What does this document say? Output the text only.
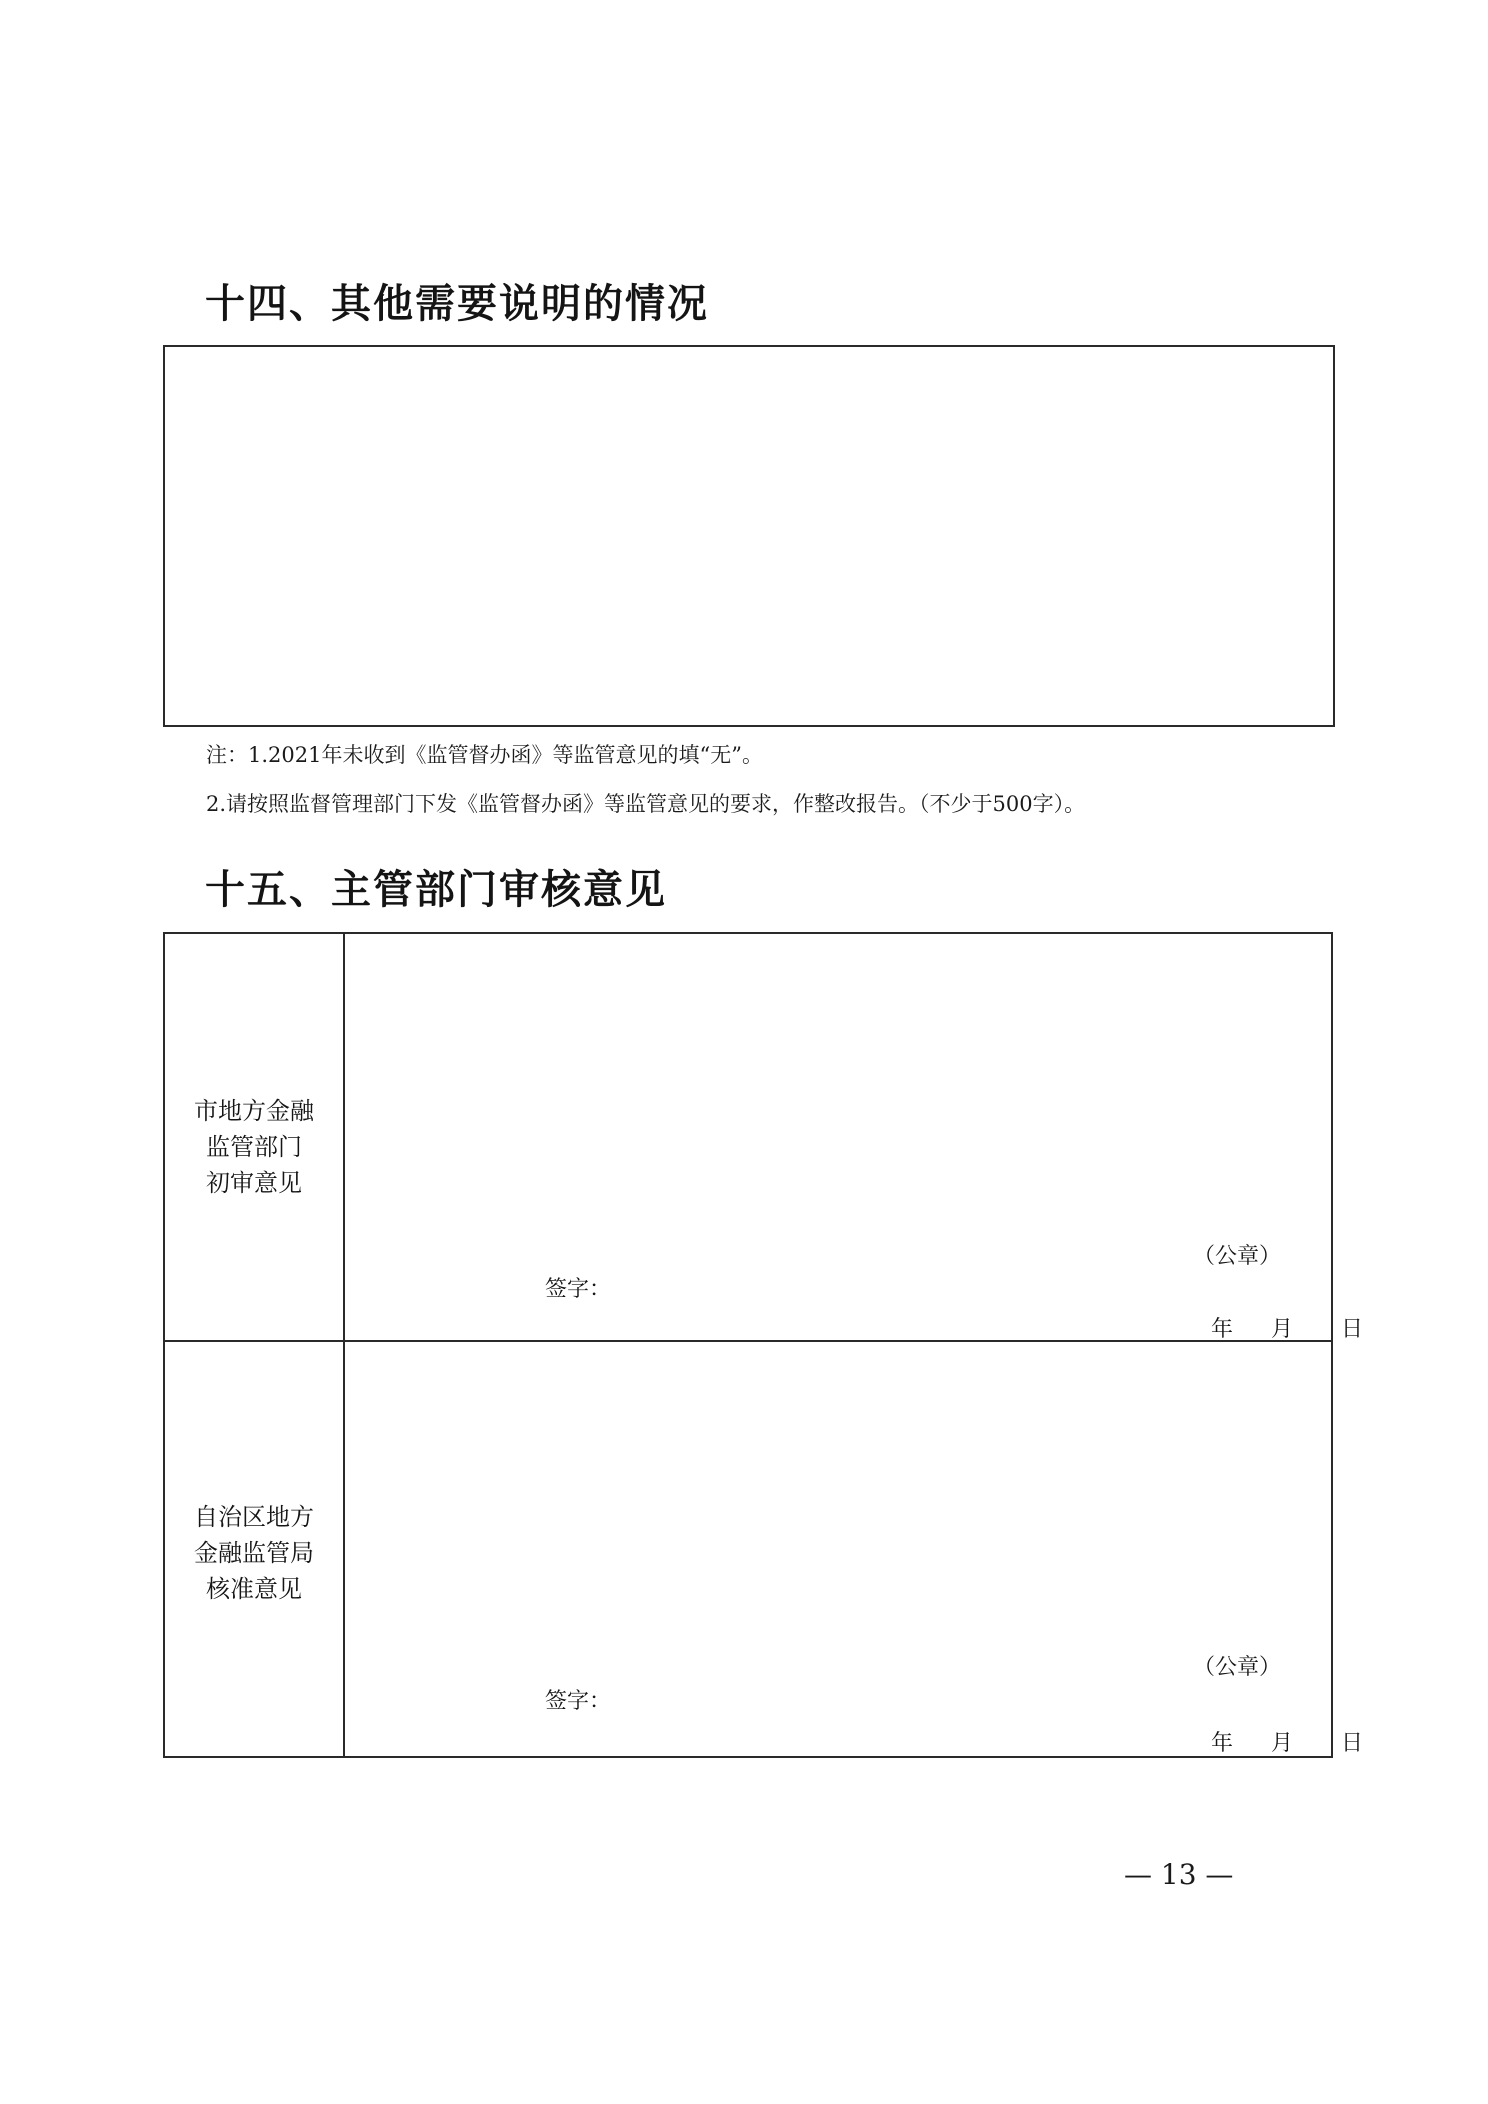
十四、其他需要说明的情况
注：1.2021年未收到《监管督办函》等监管意见的填“无”。
2.请按照监督管理部门下发《监管督办函》等监管意见的要求，作整改报告。（不少于500字）。
十五、主管部门审核意见
市地方金融
监管部门
初审意见
（公章）
签字：
年 月 日
自治区地方
金融监管局
核准意见
（公章）
签字：
年 月 日
— 13 —
